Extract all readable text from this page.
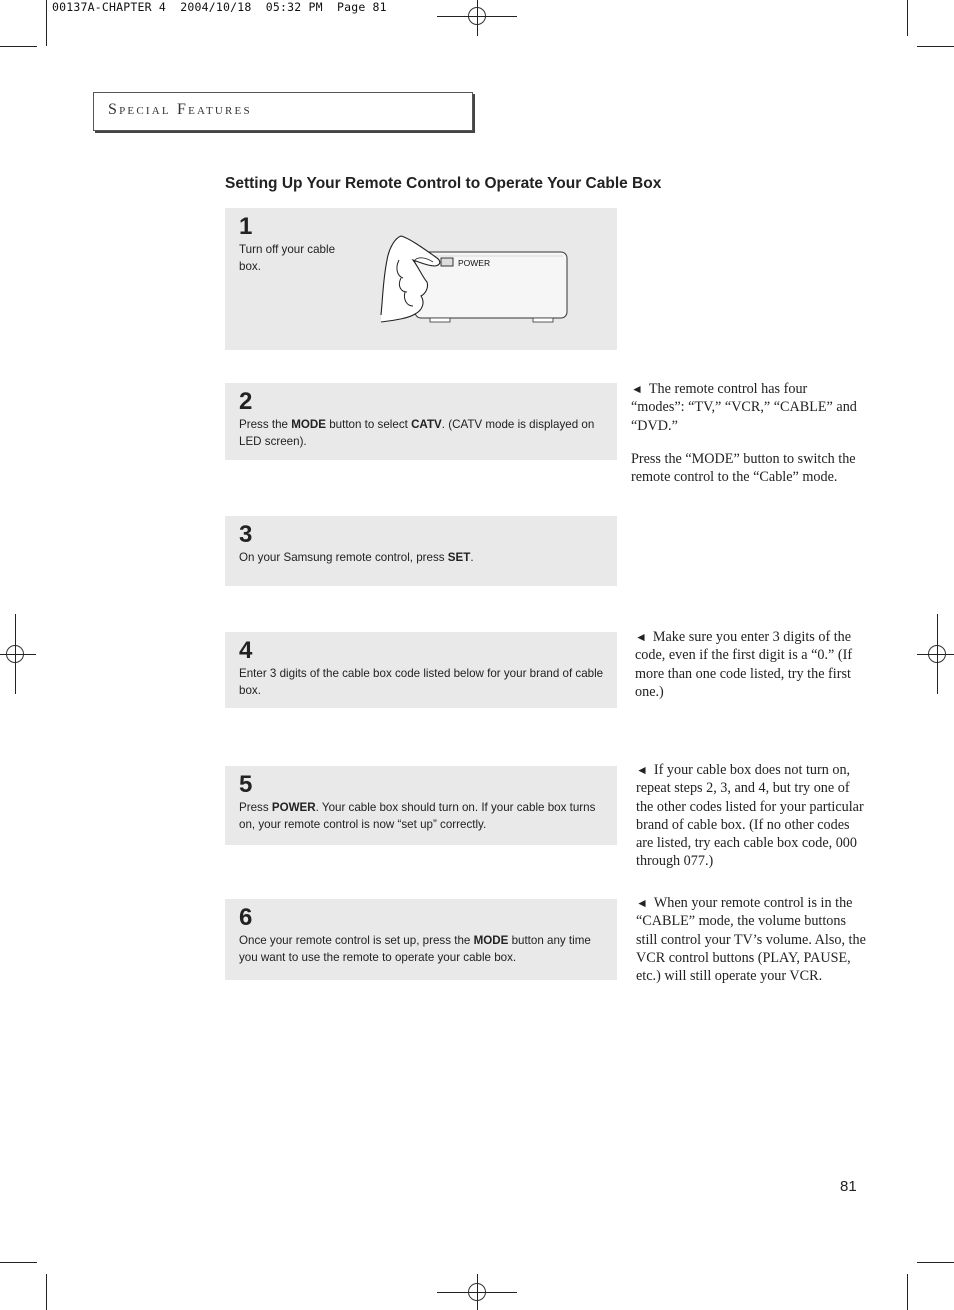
00137A-CHAPTER 4  2004/10/18  05:32 PM  Page 81
Special Features
Setting Up Your Remote Control to Operate Your Cable Box
1
Turn off your cable box.	POWER
2
Press the MODE button to select CATV. (CATV mode is displayed on LED screen).
3
On your Samsung remote control, press SET.
4
Enter 3 digits of the cable box code listed below for your brand of cable box.
5
Press POWER. Your cable box should turn on. If your cable box turns on, your remote control is now “set up” correctly.
6
Once your remote control is set up, press the MODE button any time you want to use the remote to operate your cable box.
◄ The remote control has four “modes”: “TV,” “VCR,” “CABLE” and “DVD.”
Press the “MODE” button to switch the remote control to the “Cable” mode.
◄ Make sure you enter 3 digits of the code, even if the first digit is a “0.” (If more than one code listed, try the first one.)
◄ If your cable box does not turn on, repeat steps 2, 3, and 4, but try one of the other codes listed for your particular brand of cable box. (If no other codes are listed, try each cable box code, 000 through 077.)
◄ When your remote control is in the “CABLE” mode, the volume buttons still control your TV’s volume. Also, the VCR control buttons (PLAY, PAUSE, etc.) will still operate your VCR.
81
